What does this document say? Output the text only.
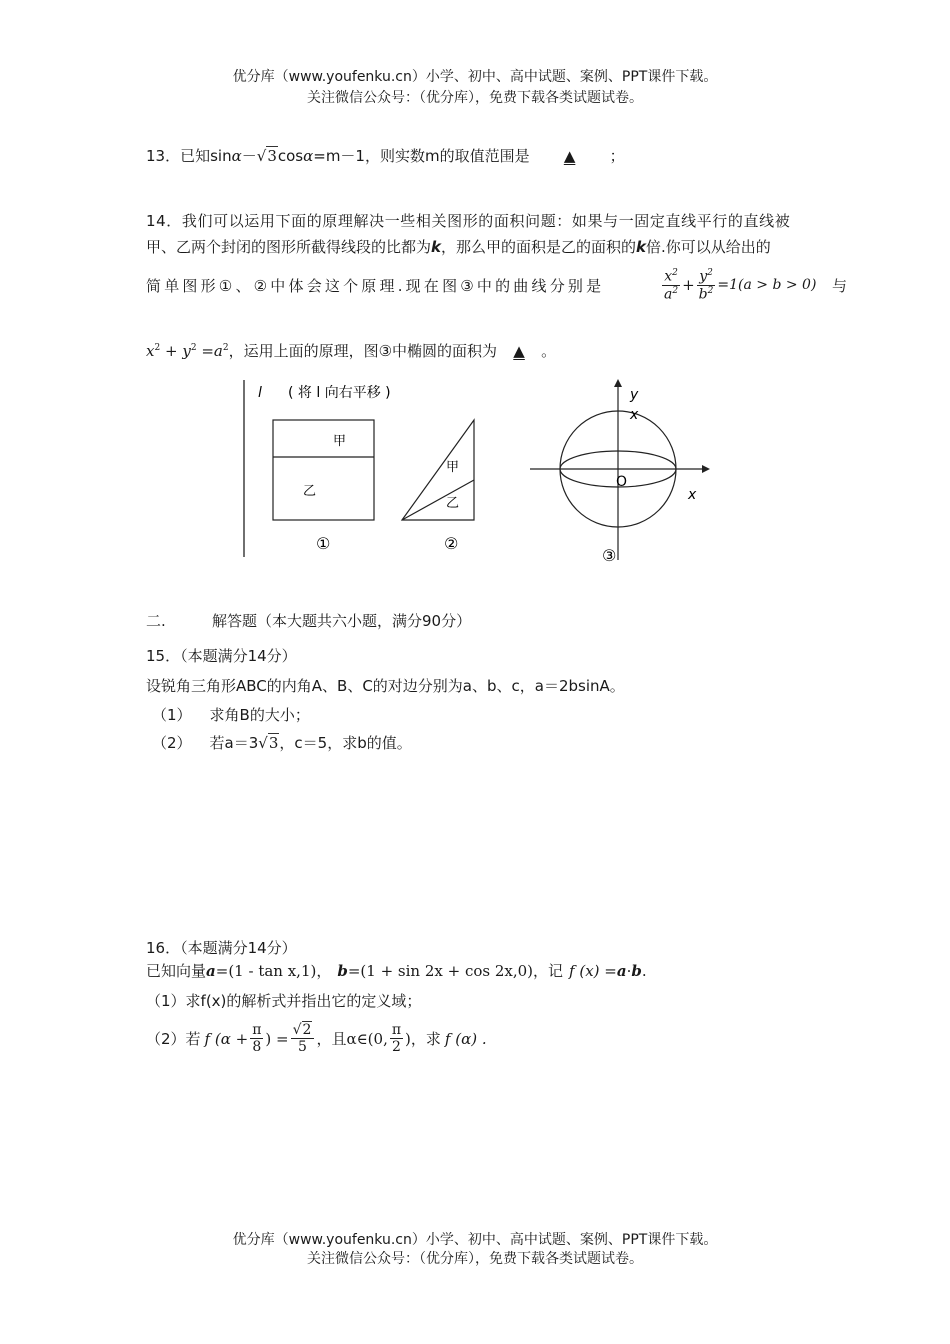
优分库（www.youfenku.cn）小学、初中、高中试题、案例、PPT课件下载。
关注微信公众号：（优分库），免费下载各类试题试卷。
13．已知sinα－√3cosα=m－1，则实数m的取值范围是 ▲ ；
14．我们可以运用下面的原理解决一些相关图形的面积问题：如果与一固定直线平行的直线被
甲、乙两个封闭的图形所截得线段的比都为k，那么甲的面积是乙的面积的k倍.你可以从给出的
简单图形①、②中体会这个原理.现在图③中的曲线分别是	$\frac{x^2}{a^2} + \frac{y^2}{b^2} =1(a > b > 0)$ 与
$x^2 + y^2 =a^2$，运用上面的原理，图③中椭圆的面积为 ▲ 。
l ( 将 l 向右平移 )
甲
乙
①
甲
乙
②
y
x
O
x
③
二.	解答题（本大题共六小题，满分90分）
15．（本题满分14分）
设锐角三角形ABC的内角A、B、C的对边分别为a、b、c，a＝2bsinA。
（1） 求角B的大小；
（2） 若a＝3√3，c＝5，求b的值。
16．（本题满分14分）
已知向量a=(1 - tan x,1)， b=(1 + sin 2x + cos 2x,0)，记 f (x) =a·b.
（1）求f(x)的解析式并指出它的定义域；
（2）若 f ($\alpha + \frac{\pi}{8}$ ) = $\frac{√2}{5}$ ，且α∈(0, $\frac{\pi}{2}$ )，求 f (α) .
优分库（www.youfenku.cn）小学、初中、高中试题、案例、PPT课件下载。
关注微信公众号：（优分库），免费下载各类试题试卷。
